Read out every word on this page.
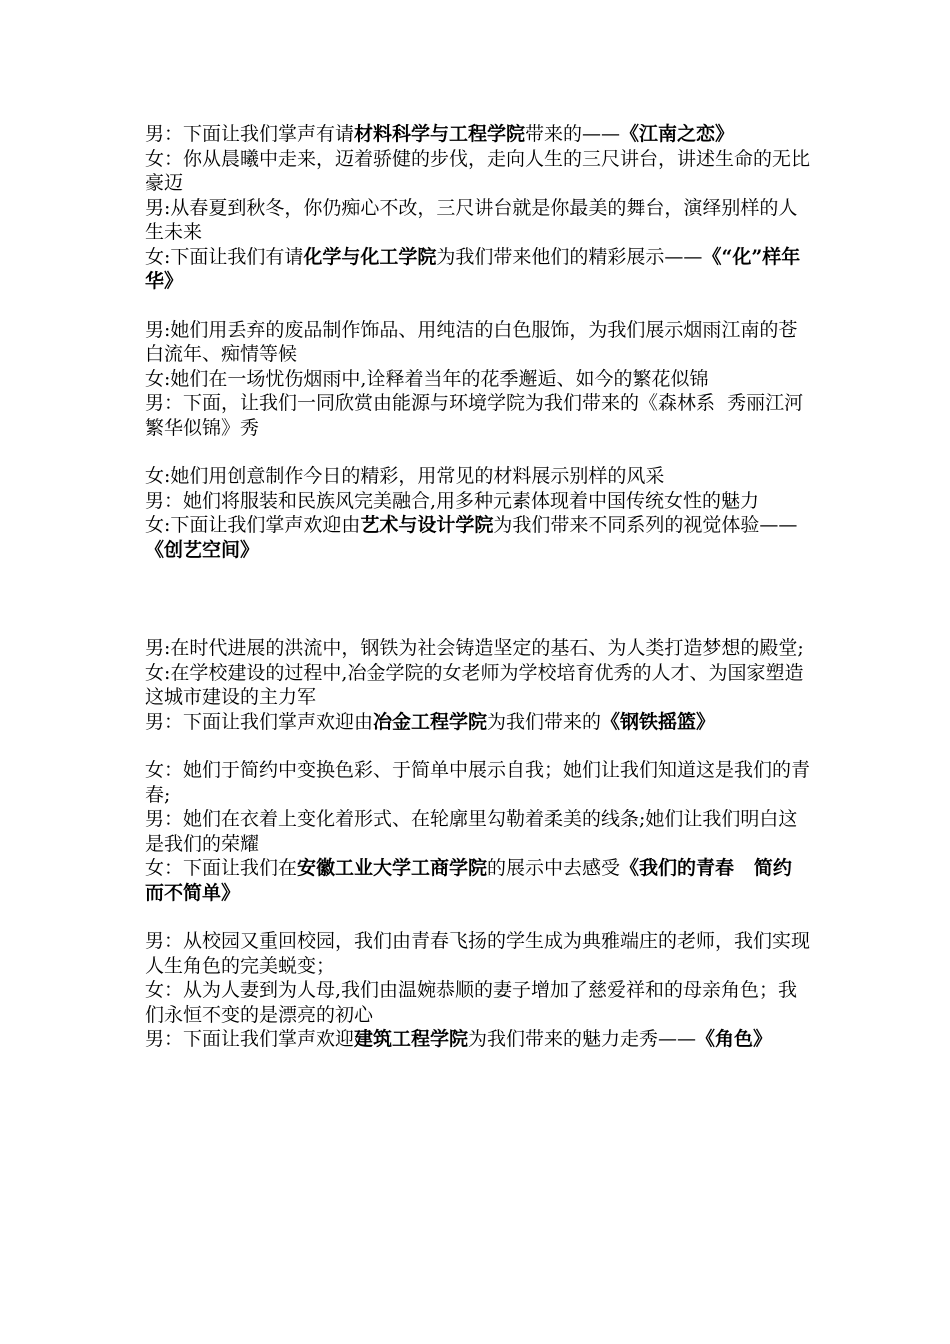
男：下面让我们掌声有请材料科学与工程学院带来的——《江南之恋》

女：你从晨曦中走来，迈着骄健的步伐，走向人生的三尺讲台，讲述生命的无比豪迈

男:从春夏到秋冬，你仍痴心不改，三尺讲台就是你最美的舞台，演绎别样的人生未来

女:下面让我们有请化学与化工学院为我们带来他们的精彩展示——《“化”样年华》

男:她们用丢弃的废品制作饰品、用纯洁的白色服饰，为我们展示烟雨江南的苍白流年、痴情等候

女:她们在一场忧伤烟雨中,诠释着当年的花季邂逅、如今的繁花似锦

男：下面，让我们一同欣赏由能源与环境学院为我们带来的《森林系  秀丽江河  繁华似锦》秀

女:她们用创意制作今日的精彩，用常见的材料展示别样的风采

男：她们将服装和民族风完美融合,用多种元素体现着中国传统女性的魅力

女:下面让我们掌声欢迎由艺术与设计学院为我们带来不同系列的视觉体验——《创艺空间》

男:在时代进展的洪流中，钢铁为社会铸造坚定的基石、为人类打造梦想的殿堂;

女:在学校建设的过程中,冶金学院的女老师为学校培育优秀的人才、为国家塑造这城市建设的主力军

男：下面让我们掌声欢迎由冶金工程学院为我们带来的《钢铁摇篮》

女：她们于简约中变换色彩、于简单中展示自我；她们让我们知道这是我们的青春;

男：她们在衣着上变化着形式、在轮廓里勾勒着柔美的线条;她们让我们明白这是我们的荣耀

女：下面让我们在安徽工业大学工商学院的展示中去感受《我们的青春   简约而不简单》

男：从校园又重回校园，我们由青春飞扬的学生成为典雅端庄的老师，我们实现人生角色的完美蜕变；

女：从为人妻到为人母,我们由温婉恭顺的妻子增加了慈爱祥和的母亲角色；我们永恒不变的是漂亮的初心

男：下面让我们掌声欢迎建筑工程学院为我们带来的魅力走秀——《角色》
